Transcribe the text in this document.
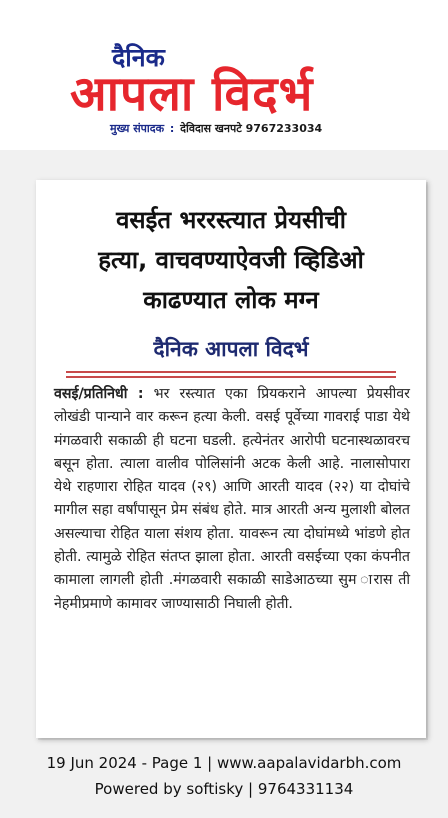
दैनिक
आपला विदर्भ
मुख्य संपादक : देविदास खनपटे 9767233034
वसईत भररस्त्यात प्रेयसीची
हत्या, वाचवण्याऐवजी व्हिडिओ
काढण्यात लोक मग्न
दैनिक आपला विदर्भ
वसई/प्रतिनिधी : भर रस्त्यात एका प्रियकराने आपल्या प्रेयसीवर लोखंडी पान्याने वार करून हत्या केली. वसई पूर्वेच्या गावराई पाडा येथे मंगळवारी सकाळी ही घटना घडली. हत्येनंतर आरोपी घटनास्थळावरच बसून होता. त्याला वालीव पोलिसांनी अटक केली आहे. नालासोपारा येथे राहणारा रोहित यादव (२९) आणि आरती यादव (२२) या दोघांचे मागील सहा वर्षांपासून प्रेम संबंध होते. मात्र आरती अन्य मुलाशी बोलत असल्याचा रोहित याला संशय होता. यावरून त्या दोघांमध्ये भांडणे होत होती. त्यामुळे रोहित संतप्त झाला होता. आरती वसईच्या एका कंपनीत कामाला लागली होती .मंगळवारी सकाळी साडेआठच्या सुम ारास ती नेहमीप्रमाणे कामावर जाण्यासाठी निघाली होती.
19 Jun 2024 - Page 1 | www.aapalavidarbh.com
Powered by softisky | 9764331134
